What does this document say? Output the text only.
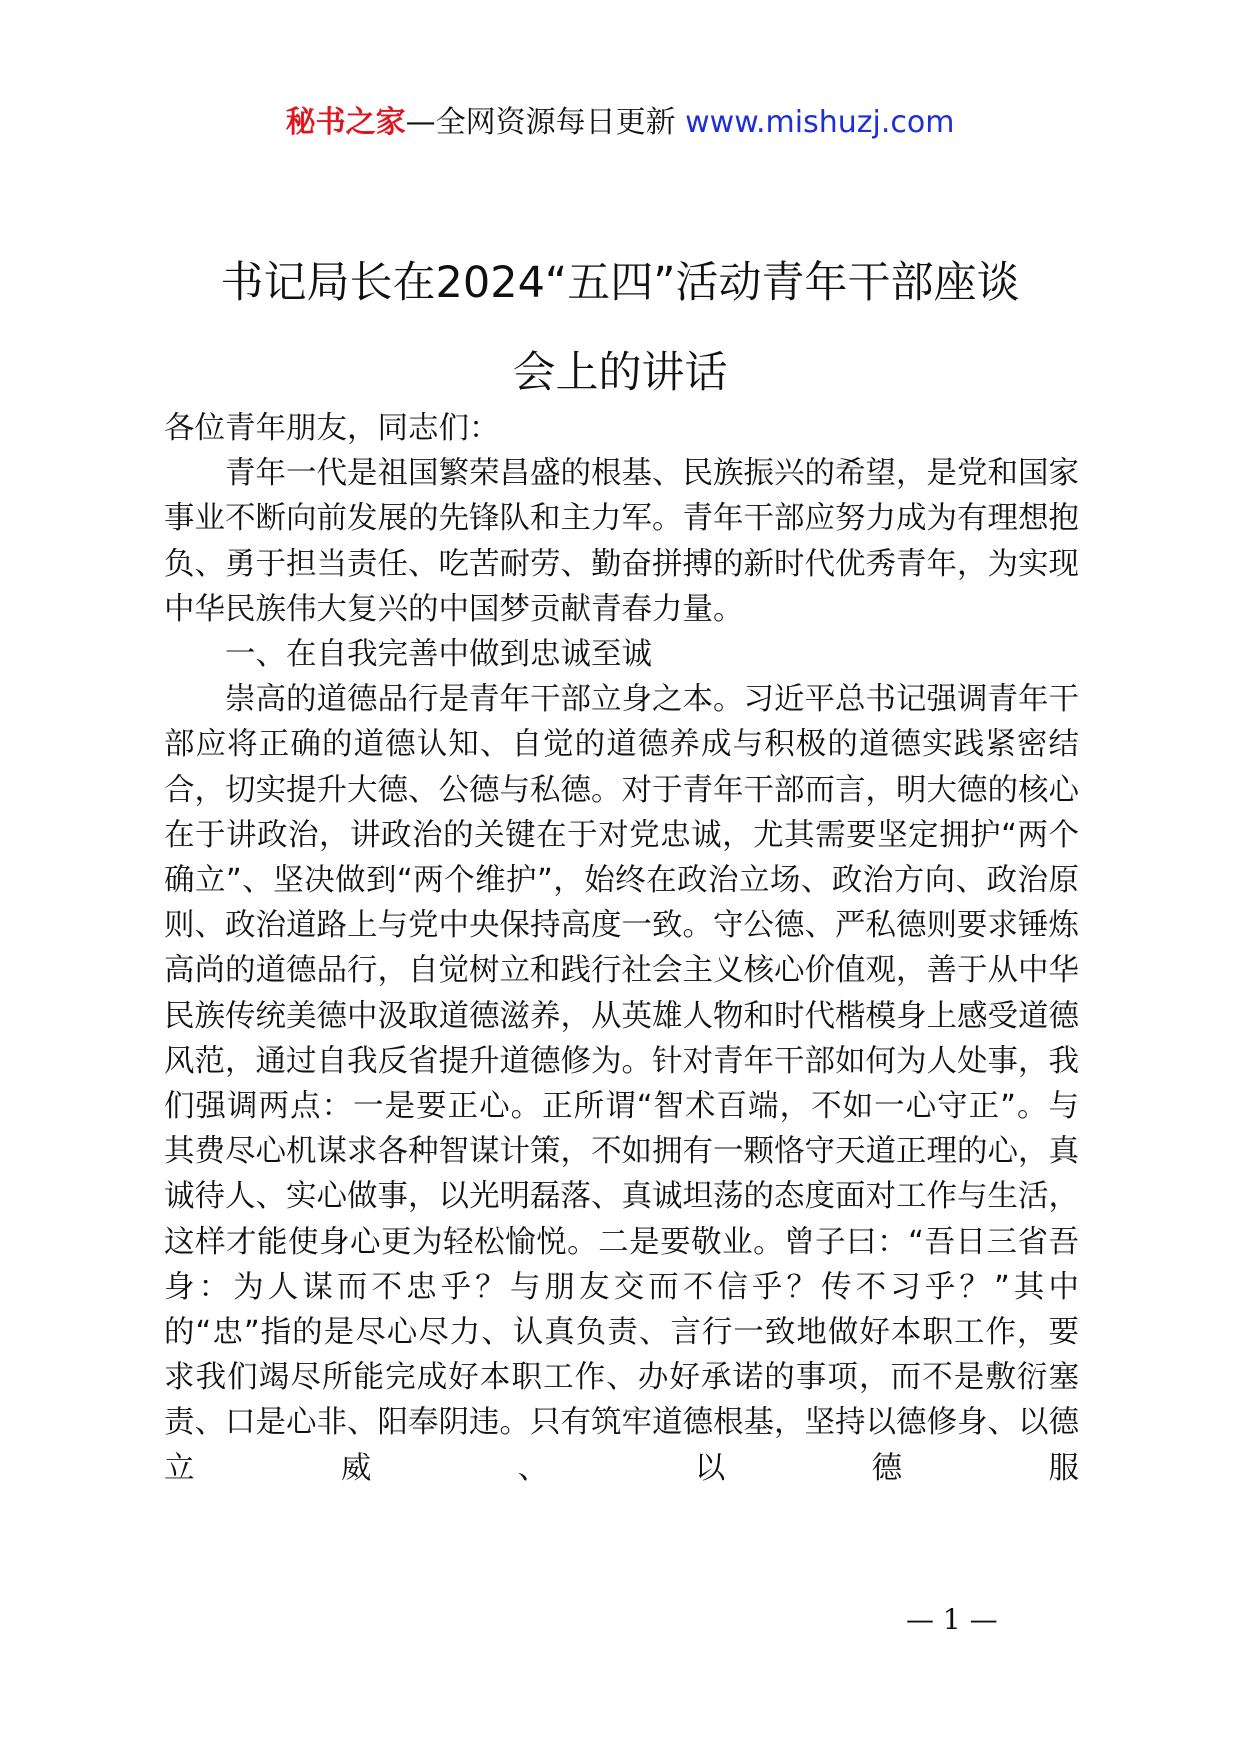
秘书之家—全网资源每日更新 www.mishuzj.com
书记局长在2024“五四”活动青年干部座谈
会上的讲话

各位青年朋友，同志们：

青年一代是祖国繁荣昌盛的根基、民族振兴的希望，是党和国家事业不断向前发展的先锋队和主力军。青年干部应努力成为有理想抱负、勇于担当责任、吃苦耐劳、勤奋拼搏的新时代优秀青年，为实现中华民族伟大复兴的中国梦贡献青春力量。

一、在自我完善中做到忠诚至诚

崇高的道德品行是青年干部立身之本。习近平总书记强调青年干部应将正确的道德认知、自觉的道德养成与积极的道德实践紧密结合，切实提升大德、公德与私德。对于青年干部而言，明大德的核心在于讲政治，讲政治的关键在于对党忠诚，尤其需要坚定拥护“两个确立”、坚决做到“两个维护”，始终在政治立场、政治方向、政治原则、政治道路上与党中央保持高度一致。守公德、严私德则要求锤炼高尚的道德品行，自觉树立和践行社会主义核心价值观，善于从中华民族传统美德中汲取道德滋养，从英雄人物和时代楷模身上感受道德风范，通过自我反省提升道德修为。针对青年干部如何为人处事，我们强调两点：一是要正心。正所谓“智术百端，不如一心守正”。与其费尽心机谋求各种智谋计策，不如拥有一颗恪守天道正理的心，真诚待人、实心做事，以光明磊落、真诚坦荡的态度面对工作与生活，这样才能使身心更为轻松愉悦。二是要敬业。曾子曰：“吾日三省吾身：为人谋而不忠乎？与朋友交而不信乎？传不习乎？”其中的“忠”指的是尽心尽力、认真负责、言行一致地做好本职工作，要求我们竭尽所能完成好本职工作、办好承诺的事项，而不是敷衍塞责、口是心非、阳奉阴违。只有筑牢道德根基，坚持以德修身、以德立威、以德服

— 1 —
